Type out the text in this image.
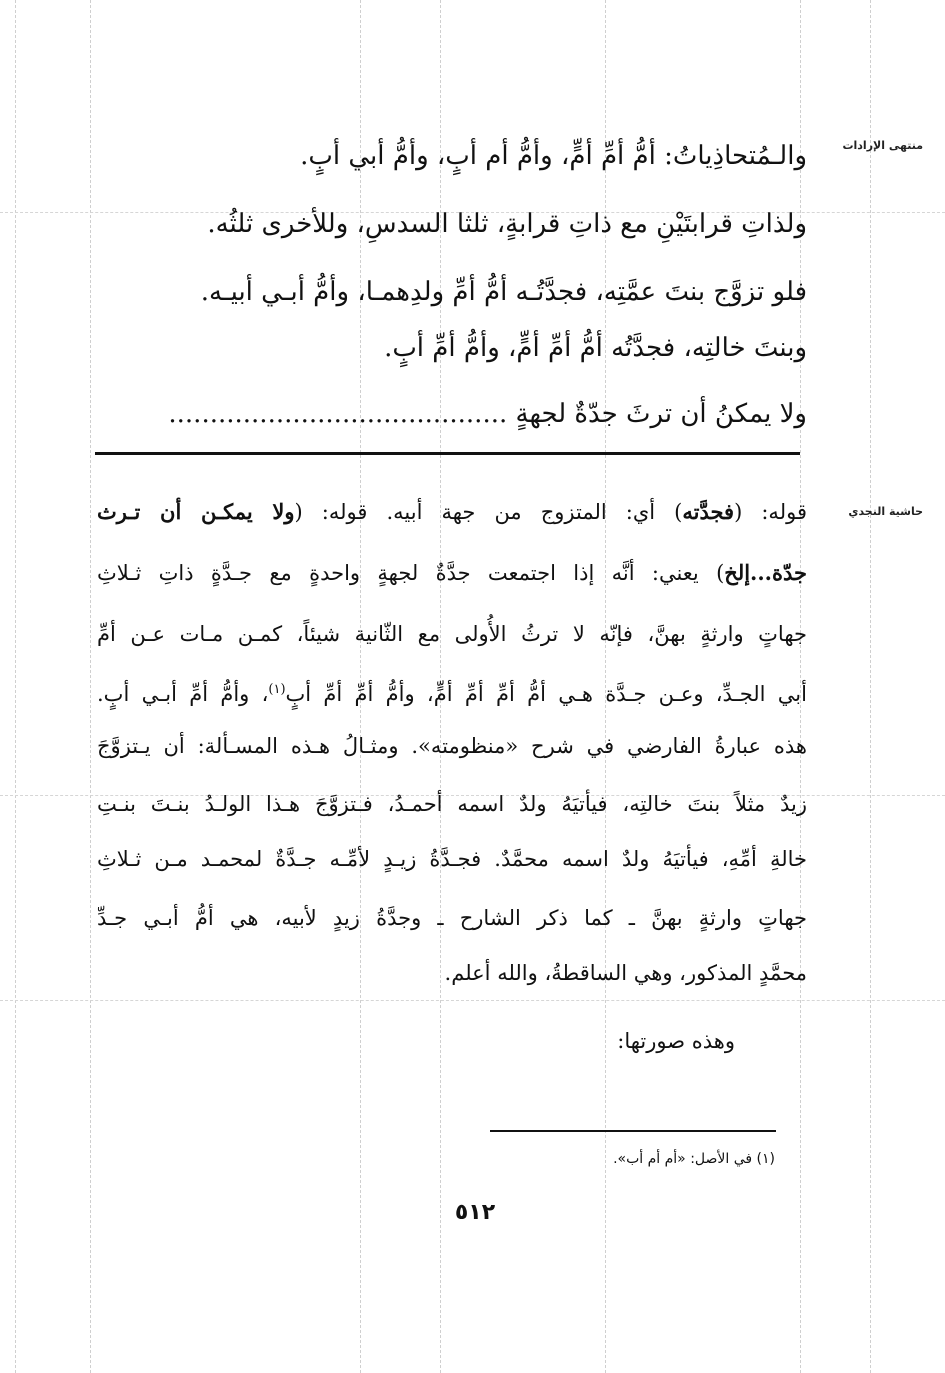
منتهى الإرادات
حاشية النجدي
والـمُتحاذِياتُ: أمُّ أمِّ أمٍّ، وأمُّ أم أبٍ، وأمُّ أبي أبٍ.
ولذاتِ قرابتَيْنِ مع ذاتِ قرابةٍ، ثلثا السدسِ، وللأخرى ثلثُه.
فلو تزوَّج بنتَ عمَّتِه، فجدَّتُـه أمُّ أمِّ ولدِهمـا، وأمُّ أبـي أبيـه.
وبنتَ خالتِه، فجدَّتُه أمُّ أمِّ أمٍّ، وأمُّ أمِّ أبٍ.
ولا يمكنُ أن ترثَ جدّةٌ لجهةٍ .........................................
قوله: (فجدَّته) أي: المتزوج من جهة أبيه. قوله: (ولا يمكـن أن تـرث
جدّة...إلخ) يعني: أنَّه إذا اجتمعت جدَّةٌ لجهةٍ واحدةٍ مع جـدَّةٍ ذاتِ ثـلاثِ
جهاتٍ وارثةٍ بهنَّ، فإنّه لا ترثُ الأُولى مع الثّانية شيئاً، كمـن مـات عـن أمِّ
أبي الجـدِّ، وعـن جـدَّة هـي أمُّ أمِّ أمِّ أمٍّ، وأمُّ أمِّ أمِّ أبٍ$^{(١)}$، وأمُّ أمِّ أبـي أبٍ.
هذه عبارةُ الفارضي في شرح «منظومته». ومثـالُ هـذه المسـألة: أن يـتزوَّجَ
زيدٌ مثلاً بنتَ خالتِه، فيأتيَهُ ولدٌ اسمه أحمـدُ، فـتزوَّجَ هـذا الولـدُ بنـتَ بنـتِ
خالةِ أمِّهِ، فيأتيَهُ ولدٌ اسمه محمَّدٌ. فجـدَّةُ زيـدٍ لأمِّـه جـدَّةٌ لمحمـد مـن ثـلاثِ
جهاتٍ وارثةٍ بهنَّ ـ كما ذكر الشارح ـ وجدَّةُ زيدٍ لأبيه، هي أمُّ أبـي جـدِّ
محمَّدٍ المذكور، وهي الساقطةُ، والله أعلم.
وهذه صورتها:
(١) في الأصل: «أم أم أب».
٥١٢
